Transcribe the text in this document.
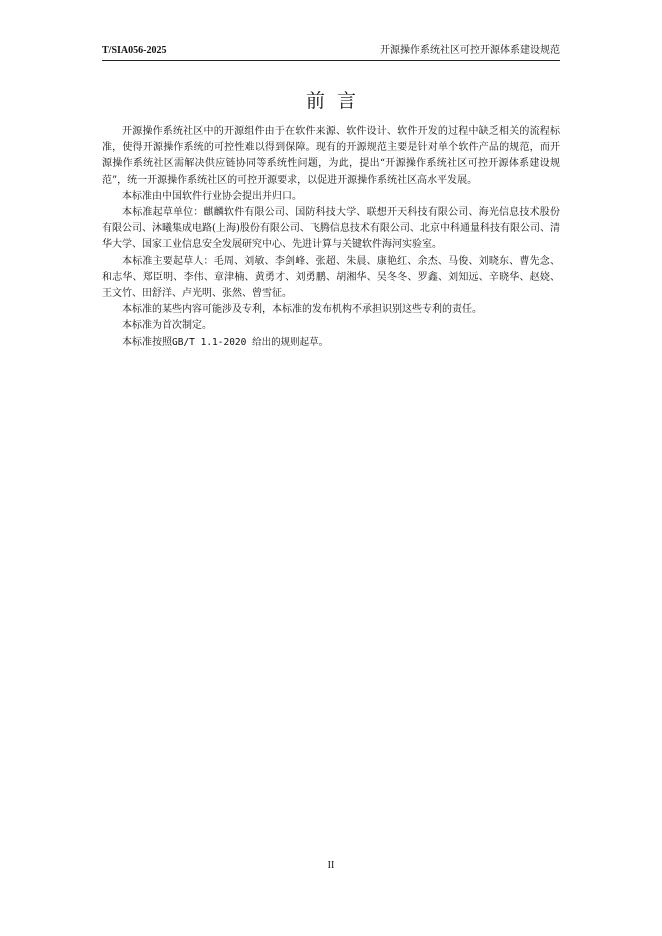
T/SIA056-2025	开源操作系统社区可控开源体系建设规范
前言

开源操作系统社区中的开源组件由于在软件来源、软件设计、软件开发的过程中缺乏相关的流程标准，使得开源操作系统的可控性难以得到保障。现有的开源规范主要是针对单个软件产品的规范，而开源操作系统社区需解决供应链协同等系统性问题，为此，提出“开源操作系统社区可控开源体系建设规范”，统一开源操作系统社区的可控开源要求，以促进开源操作系统社区高水平发展。

本标准由中国软件行业协会提出并归口。

本标准起草单位：麒麟软件有限公司、国防科技大学、联想开天科技有限公司、海光信息技术股份有限公司、沐曦集成电路(上海)股份有限公司、飞腾信息技术有限公司、北京中科通量科技有限公司、清华大学、国家工业信息安全发展研究中心、先进计算与关键软件海河实验室。

本标准主要起草人：毛周、刘敏、李剑峰、张超、朱晨、康艳红、余杰、马俊、刘晓东、曹先念、和志华、郑臣明、李伟、章津楠、黄勇才、刘勇鹏、胡湘华、吴冬冬、罗鑫、刘知远、辛晓华、赵娆、王文竹、田舒洋、卢光明、张然、曾雪征。

本标准的某些内容可能涉及专利，本标准的发布机构不承担识别这些专利的责任。

本标准为首次制定。

本标准按照GB/T 1.1-2020 给出的规则起草。

II
